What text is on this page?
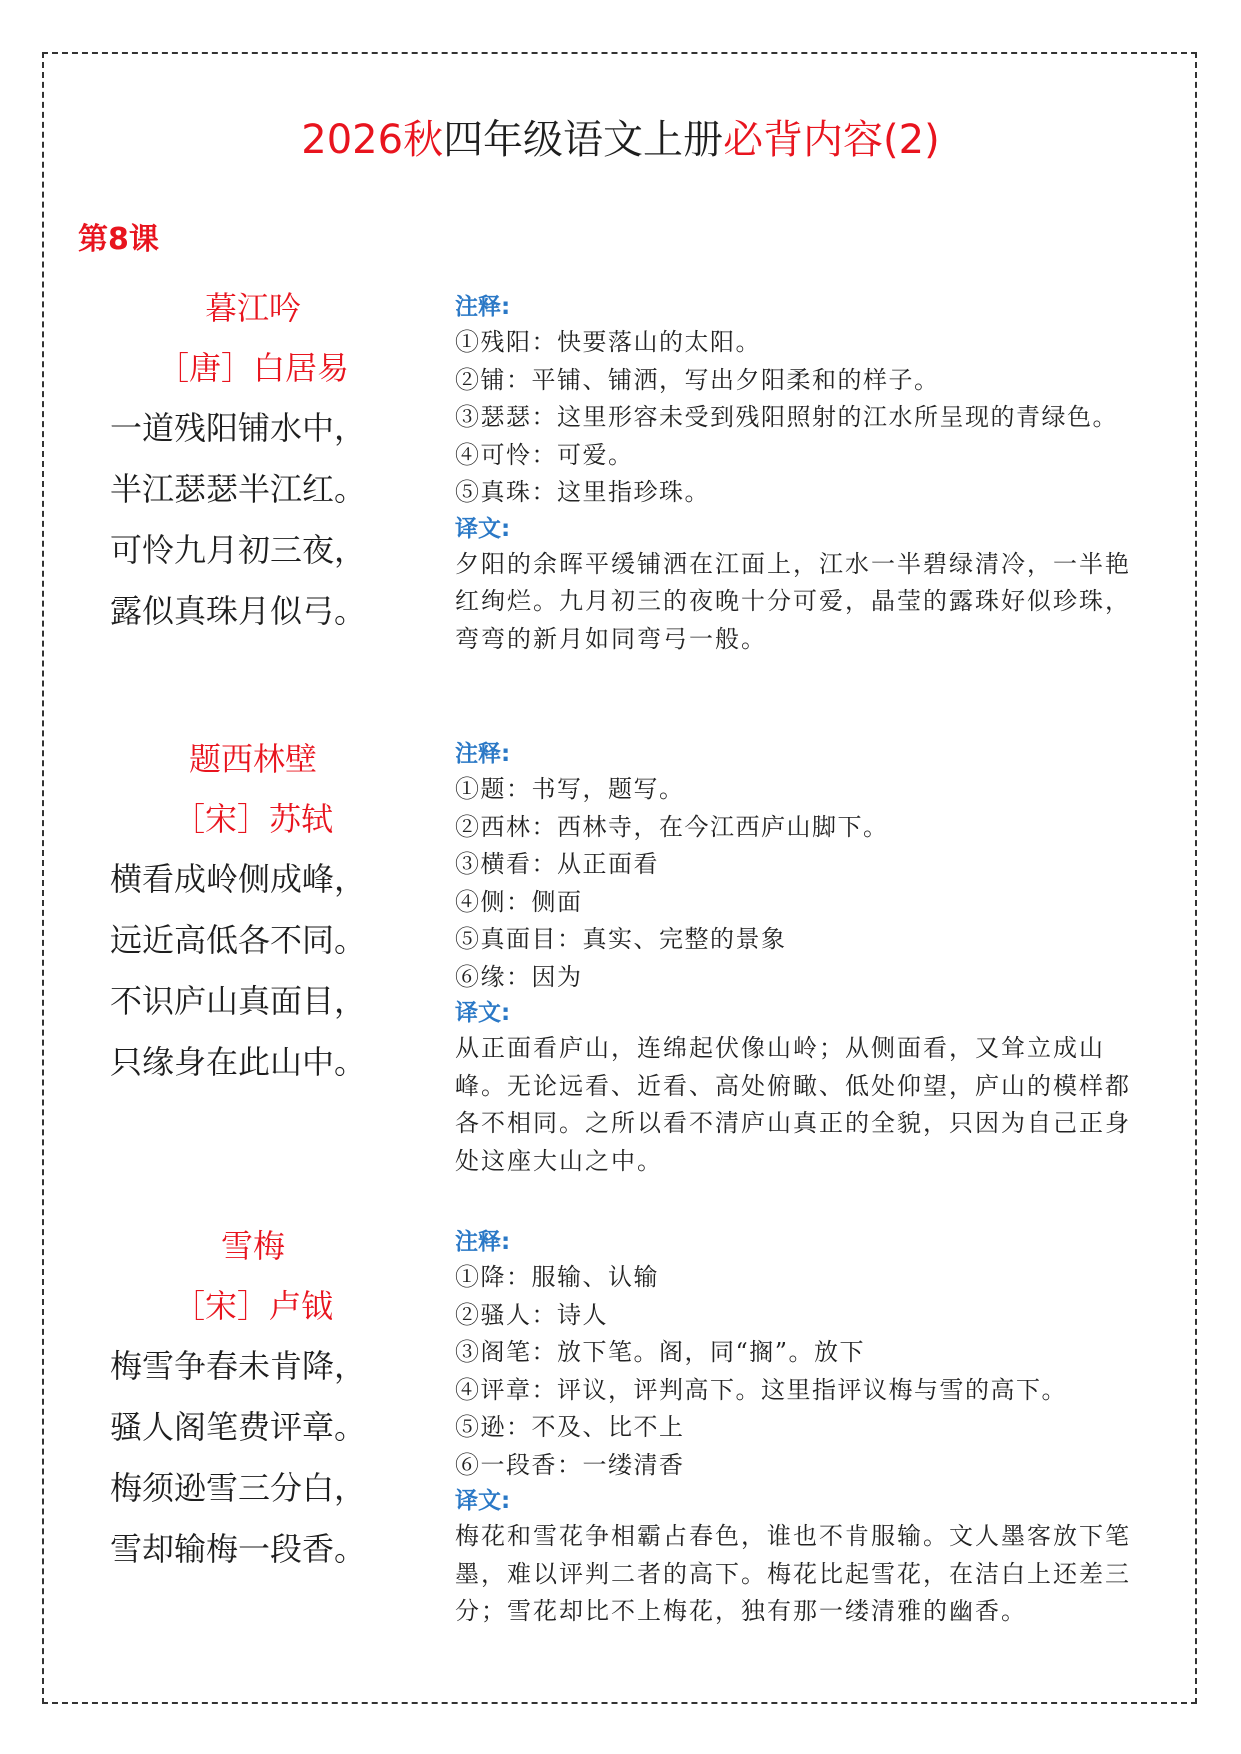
2026秋四年级语文上册必背内容(2)
第8课
暮江吟
［唐］白居易
一道残阳铺水中，
半江瑟瑟半江红。
可怜九月初三夜，
露似真珠月似弓。
注释:
①残阳：快要落山的太阳。
②铺：平铺、铺洒，写出夕阳柔和的样子。
③瑟瑟：这里形容未受到残阳照射的江水所呈现的青绿色。
④可怜：可爱。
⑤真珠：这里指珍珠。
译文:
夕阳的余晖平缓铺洒在江面上，江水一半碧绿清冷，一半艳红绚烂。九月初三的夜晚十分可爱，晶莹的露珠好似珍珠，弯弯的新月如同弯弓一般。
题西林壁
［宋］苏轼
横看成岭侧成峰，
远近高低各不同。
不识庐山真面目，
只缘身在此山中。
注释:
①题：书写，题写。
②西林：西林寺，在今江西庐山脚下。
③横看：从正面看
④侧：侧面
⑤真面目：真实、完整的景象
⑥缘：因为
译文:
从正面看庐山，连绵起伏像山岭；从侧面看，又耸立成山峰。无论远看、近看、高处俯瞰、低处仰望，庐山的模样都各不相同。之所以看不清庐山真正的全貌，只因为自己正身处这座大山之中。
雪梅
［宋］卢钺
梅雪争春未肯降，
骚人阁笔费评章。
梅须逊雪三分白，
雪却输梅一段香。
注释:
①降：服输、认输
②骚人：诗人
③阁笔：放下笔。阁，同“搁”。放下
④评章：评议，评判高下。这里指评议梅与雪的高下。
⑤逊：不及、比不上
⑥一段香：一缕清香
译文:
梅花和雪花争相霸占春色，谁也不肯服输。文人墨客放下笔墨，难以评判二者的高下。梅花比起雪花，在洁白上还差三分；雪花却比不上梅花，独有那一缕清雅的幽香。
